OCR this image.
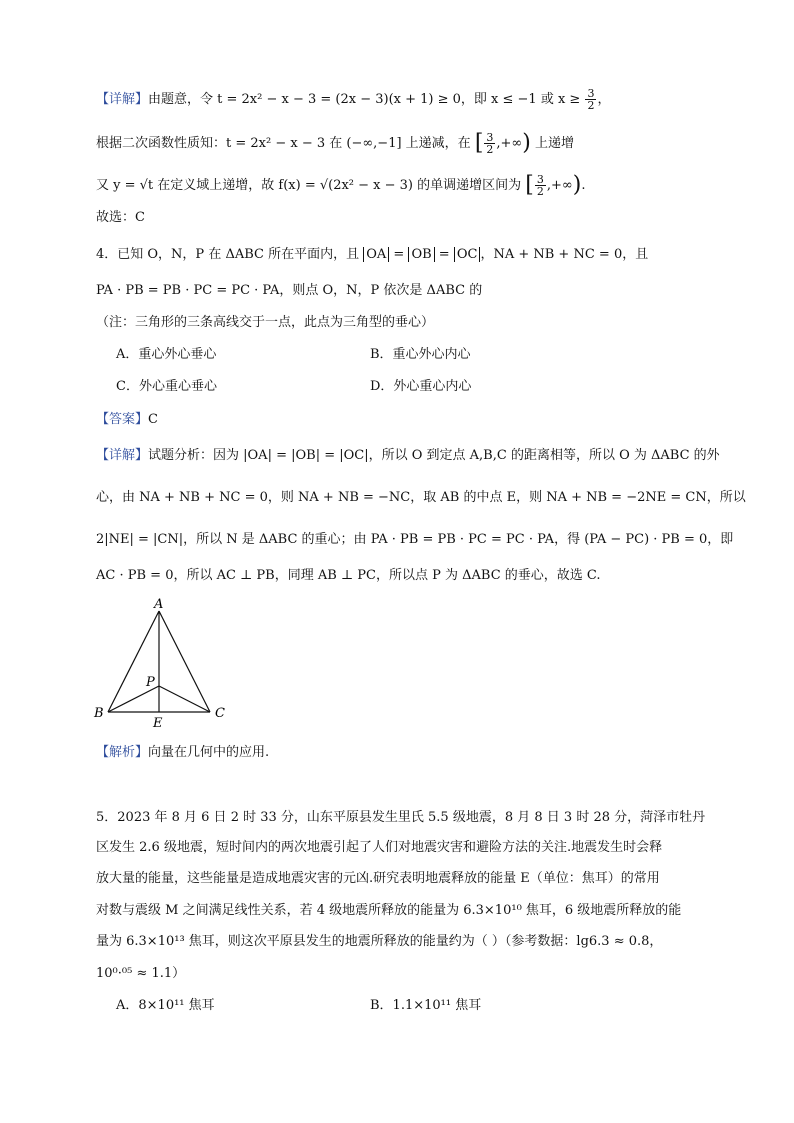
【详解】由题意，令 t = 2x² − x − 3 = (2x − 3)(x + 1) ≥ 0，即 x ≤ −1 或 $x \ge \frac{3}{2}$ ，
根据二次函数性质知：t = 2x² − x − 3 在 (−∞,−1] 上递减，在 [ $\frac{3}{2}$ ,+∞) 上递增
又 y = √t 在定义域上递增，故 f(x) = √(2x² − x − 3) 的单调递增区间为 [ $\frac{3}{2}$ ,+∞).
故选：C
4．已知 O，N，P 在 ΔABC 所在平面内，且 OA = OB = OC ，NA + NB + NC = 0，且
PA · PB = PB · PC = PC · PA，则点 O，N，P 依次是 ΔABC 的
（注：三角形的三条高线交于一点，此点为三角型的垂心）
A．重心外心垂心	B．重心外心内心
C．外心重心垂心	D．外心重心内心
【答案】C
【详解】试题分析：因为 |OA| = |OB| = |OC|，所以 O 到定点 A,B,C 的距离相等，所以 O 为 ΔABC 的外
心，由 NA + NB + NC = 0，则 NA + NB = −NC，取 AB 的中点 E，则 NA + NB = −2NE = CN，所以
2|NE| = |CN|，所以 N 是 ΔABC 的重心；由 PA · PB = PB · PC = PC · PA，得 (PA − PC) · PB = 0，即
AC · PB = 0，所以 AC ⊥ PB，同理 AB ⊥ PC，所以点 P 为 ΔABC 的垂心，故选 C.
A
B	C
P
E
【解析】向量在几何中的应用.
5．2023 年 8 月 6 日 2 时 33 分，山东平原县发生里氏 5.5 级地震，8 月 8 日 3 时 28 分，菏泽市牡丹
区发生 2.6 级地震，短时间内的两次地震引起了人们对地震灾害和避险方法的关注.地震发生时会释
放大量的能量，这些能量是造成地震灾害的元凶.研究表明地震释放的能量 E（单位：焦耳）的常用
对数与震级 M 之间满足线性关系，若 4 级地震所释放的能量为 6.3×10¹⁰ 焦耳，6 级地震所释放的能
量为 6.3×10¹³ 焦耳，则这次平原县发生的地震所释放的能量约为（ ）（参考数据：lg6.3 ≈ 0.8，
10⁰·⁰⁵ ≈ 1.1）
A．8×10¹¹ 焦耳	B．1.1×10¹¹ 焦耳
